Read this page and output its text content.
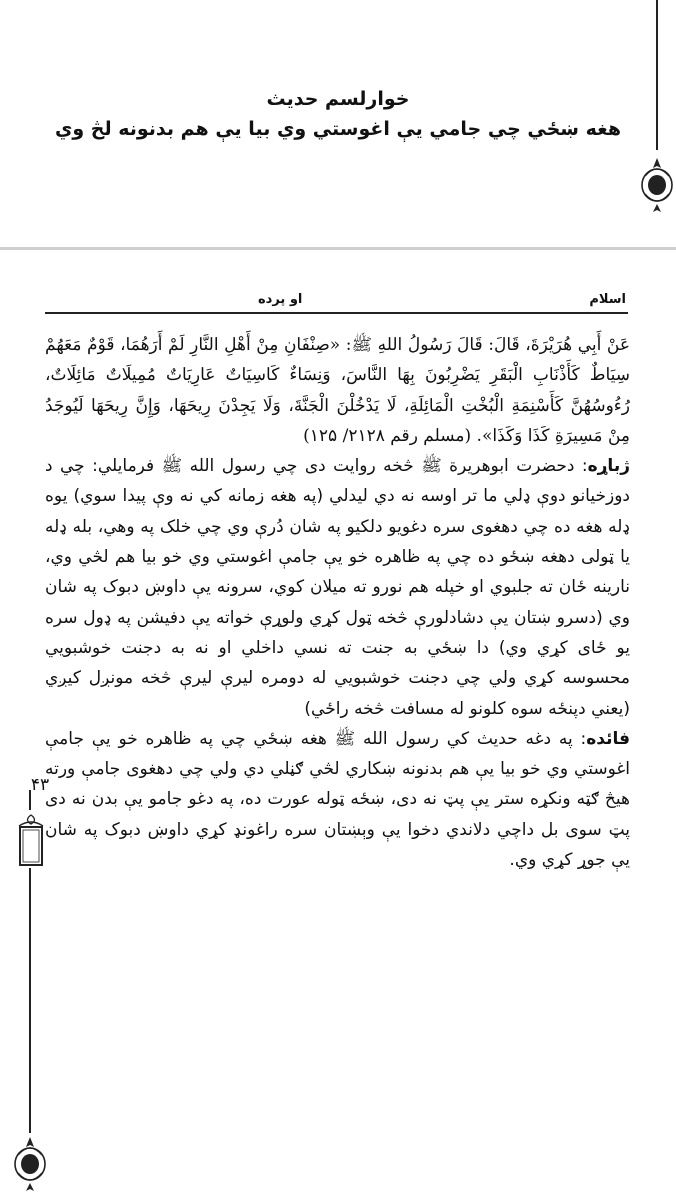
خوارلسم حديث
هغه ښځي چي جامي يې اغوستي وي بيا يې هم بدنونه لڅ وي
اسلام
او پرده
۴۳

عَنْ أَبِي هُرَيْرَةَ، قَالَ: قَالَ رَسُولُ اللهِ ﷺ: «صِنْفَانِ مِنْ أَهْلِ النَّارِ لَمْ أَرَهُمَا، قَوْمٌ مَعَهُمْ سِيَاطٌ كَأَذْنَابِ الْبَقَرِ يَضْرِبُونَ بِهَا النَّاسَ، وَنِسَاءٌ كَاسِيَاتٌ عَارِيَاتٌ مُمِيلَاتٌ مَائِلَاتٌ، رُءُوسُهُنَّ كَأَسْنِمَةِ الْبُخْتِ الْمَائِلَةِ، لَا يَدْخُلْنَ الْجَنَّةَ، وَلَا يَجِدْنَ رِيحَهَا، وَإِنَّ رِيحَهَا لَيُوجَدُ مِنْ مَسِيرَةِ كَذَا وَكَذَا». (مسلم رقم ۲۱۲۸/ ۱۲۵)

ژباړه: دحضرت ابوهريرة ﷺ څخه روايت دی چي رسول الله ﷺ فرمايلي: چي د دوزخيانو دوې ډلي ما تر اوسه نه دي ليدلي (په هغه زمانه کي نه وې پيدا سوي) يوه ډله هغه ده چي دهغوی سره دغويو دلکيو په شان دُرې وي چي خلک په وهي، بله ډله يا ټولی دهغه ښځو ده چي په ظاهره خو يې جامې اغوستي وي خو بيا هم لڅي وي، نارينه ځان ته جلبوي او خپله هم نورو ته ميلان کوي، سرونه يې داوښ دبوک په شان وي (دسرو ښتان يې دشادلورې څخه ټول کړي ولوړې خواته يې دفيشن په ډول سره يو ځای کړي وي) دا ښځي به جنت ته نسي داخلي او نه به دجنت خوشبويي محسوسه کړي ولي چي دجنت خوشبويي له دومره ليرې ليرې څخه مونږل کيږي (يعني دپنځه سوه کلونو له مسافت څخه راځي)

فائده: په دغه حديث کي رسول الله ﷺ هغه ښځي چي په ظاهره خو يې جامې اغوستي وي خو بيا يې هم بدنونه ښکاري لڅي ګڼلي دي ولي چي دهغوی جامې ورته هيڅ ګټه ونکړه ستر يې پټ نه دی، ښځه ټوله عورت ده، په دغو جامو يې بدن نه دی پټ سوی بل داچي دلاندي دخوا يې وېښتان سره راغونډ کړي داوښ دبوک په شان يې جوړ کړي وي.
